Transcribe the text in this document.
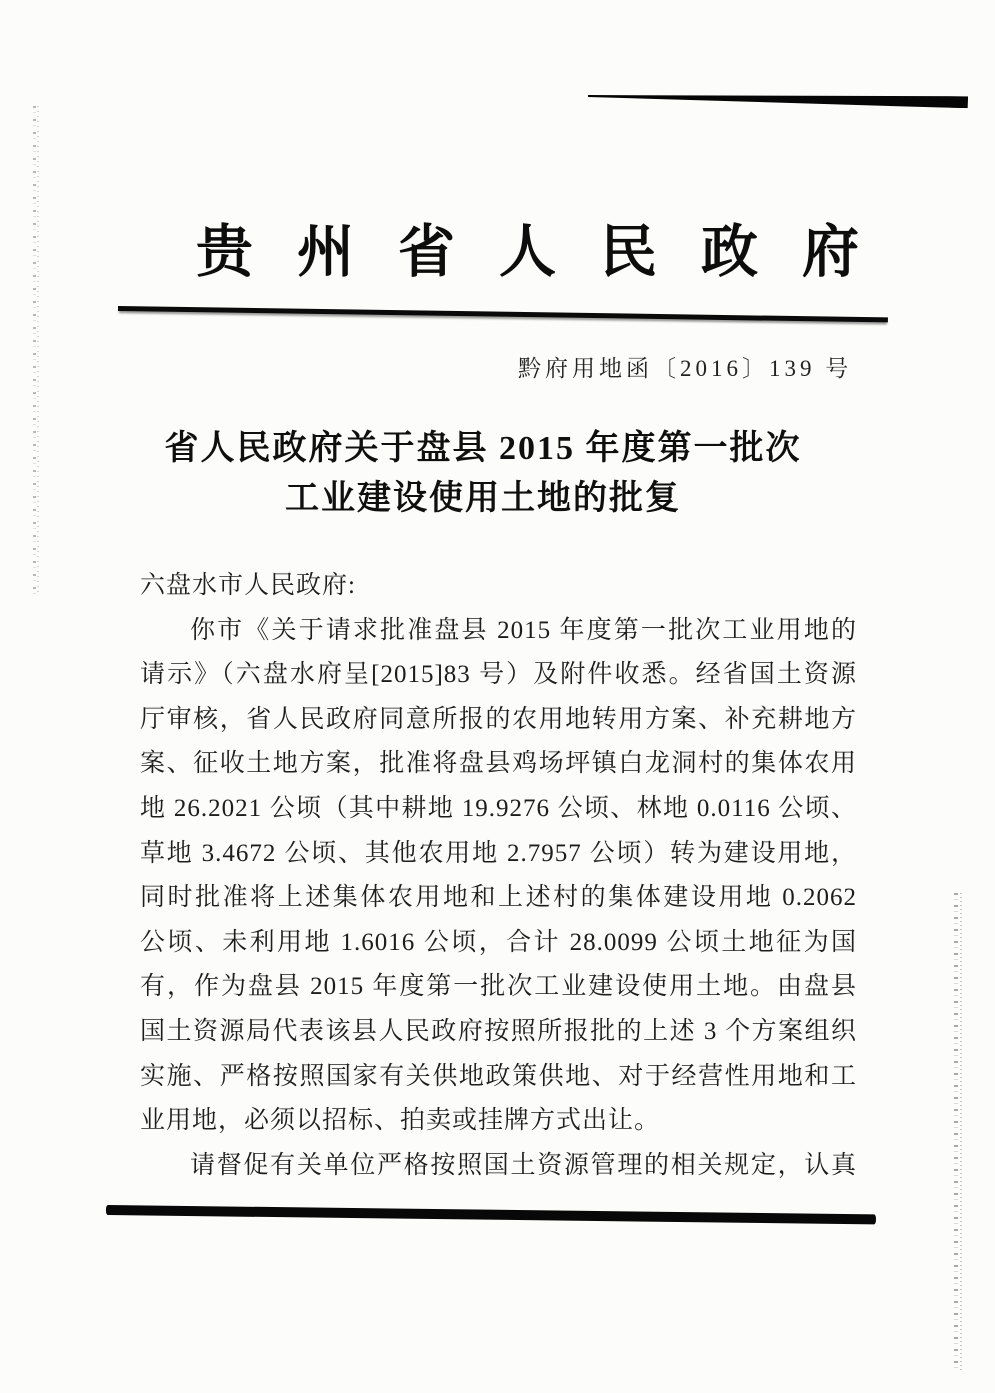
贵州省人民政府
黔府用地函〔2016〕139 号
省人民政府关于盘县 2015 年度第一批次
工业建设使用土地的批复
六盘水市人民政府:
你市《关于请求批准盘县 2015 年度第一批次工业用地的
请示》（六盘水府呈[2015]83 号）及附件收悉。经省国土资源
厅审核，省人民政府同意所报的农用地转用方案、补充耕地方
案、征收土地方案，批准将盘县鸡场坪镇白龙洞村的集体农用
地 26.2021 公顷（其中耕地 19.9276 公顷、林地 0.0116 公顷、
草地 3.4672 公顷、其他农用地 2.7957 公顷）转为建设用地，
同时批准将上述集体农用地和上述村的集体建设用地 0.2062
公顷、未利用地 1.6016 公顷，合计 28.0099 公顷土地征为国
有，作为盘县 2015 年度第一批次工业建设使用土地。由盘县
国土资源局代表该县人民政府按照所报批的上述 3 个方案组织
实施、严格按照国家有关供地政策供地、对于经营性用地和工
业用地，必须以招标、拍卖或挂牌方式出让。
请督促有关单位严格按照国土资源管理的相关规定，认真
